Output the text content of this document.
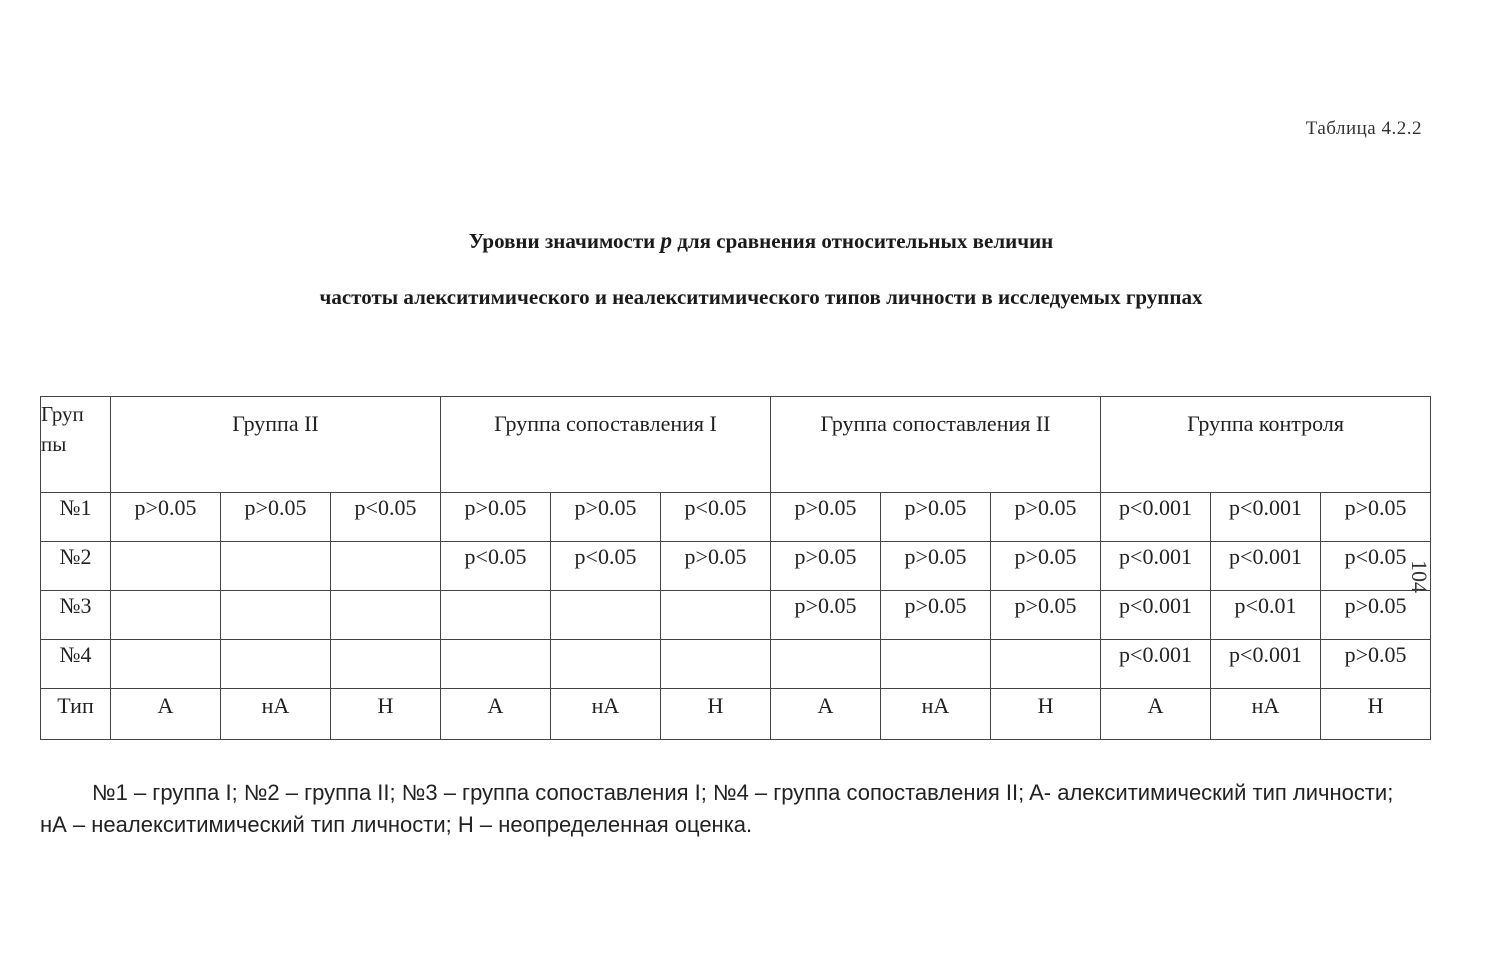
Таблица 4.2.2
Уровни значимости p для сравнения относительных величин
частоты алекситимического и неалекситимического типов личности в исследуемых группах
104
Груп пы	Группа II			Группа сопоставления I			Группа сопоставления II			Группа контроля		
№1	p>0.05	p>0.05	p<0.05	p>0.05	p>0.05	p<0.05	p>0.05	p>0.05	p>0.05	p<0.001	p<0.001	p>0.05
№2				p<0.05	p<0.05	p>0.05	p>0.05	p>0.05	p>0.05	p<0.001	p<0.001	p<0.05
№3							p>0.05	p>0.05	p>0.05	p<0.001	p<0.01	p>0.05
№4										p<0.001	p<0.001	p>0.05
Тип	A	нА	Н	A	нА	Н	A	нА	Н	A	нА	Н
№1 – группа I; №2 – группа II; №3 – группа сопоставления I; №4 – группа сопоставления II; A- алекситимический тип личности; нА – неалекситимический тип личности; Н – неопределенная оценка.
